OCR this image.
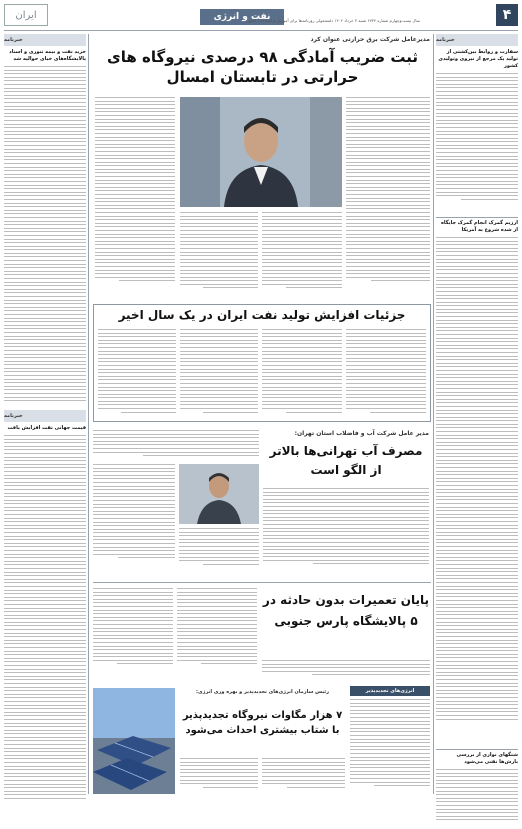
ایران	نفت و انرژی
سال بیست‌وچهارم شماره ۶۷۳۴ شنبه ۳ خرداد ۱۴۰۴ دلمشغولی روزنامه‌ها برای آموزش و اصلاحات کشور	۴
خبرنامه
سفارت و روابط بین‌کشتی از تولید یک مرجع از نیروی وتولیدی کشور
ارزیم گمرک انجام گمرک جایگاه از شده شروع به آمریکا
شنگهای نوازی از بررسی بارش‌ها نفتی می‌شود
خبرنامه
خرید نفت و بیمه تنوری و اسناد پالایشگاه‌های خیای حوالیه شد
خبرنامه
قیمت جهانی نفت افزایش یافت
مدیرعامل شرکت برق حرارتی عنوان کرد
ثبت ضریب آمادگی ۹۸ درصدی نیروگاه های حرارتی در تابستان امسال
جزئیات افزایش تولید نفت ایران در یک سال اخیر
مدیر عامل شرکت آب و فاضلاب استان تهران:
مصرف آب تهرانی‌ها بالاتر از الگو است
پایان تعمیرات بدون حادثه در ۵ پالایشگاه پارس جنوبی
انرژی‌های تجدیدپذیر
رئیس سازمان انرژی‌های تجدیدپذیر و بهره وری انرژی:
۷ هزار مگاوات نیروگاه تجدیدپذیر با شتاب بیشتری احداث می‌شود
